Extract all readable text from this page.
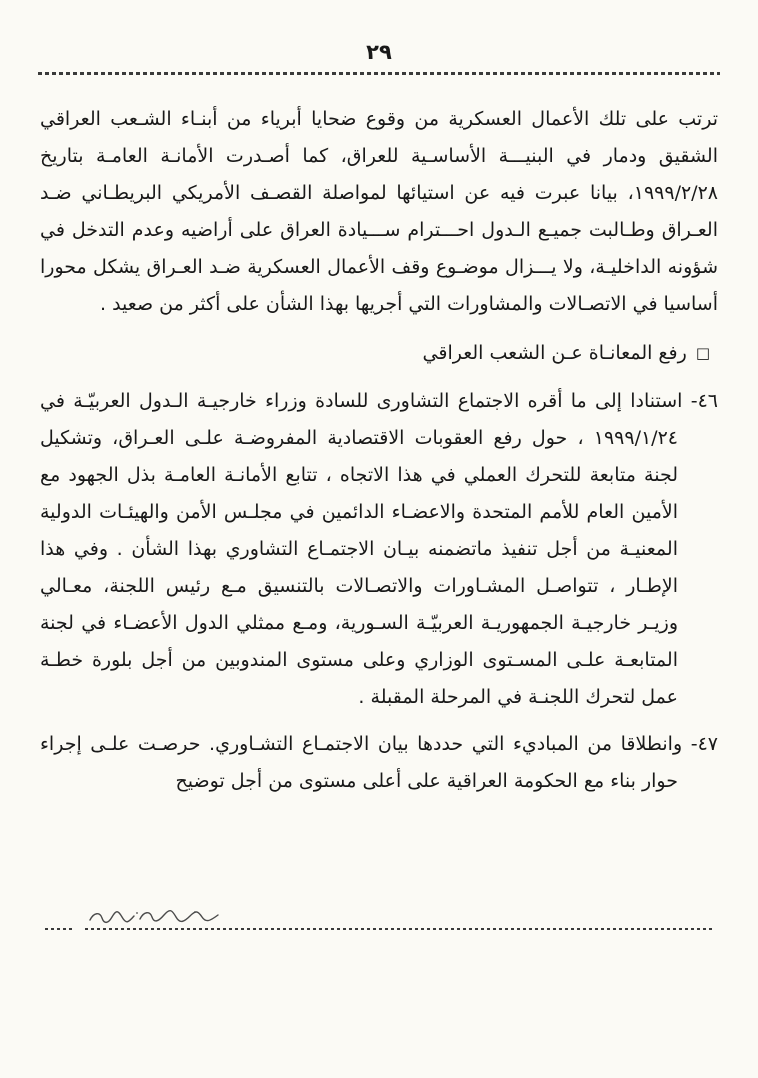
٢٩

ترتب على تلك الأعمال العسكرية من وقوع ضحايا أبرياء من أبنـاء الشـعب العراقي الشقيق ودمار في البنيـــة الأساسـية للعراق، كما أصـدرت الأمانـة العامـة بتاريخ ١٩٩٩/٢/٢٨، بيانا عبرت فيه عن استيائها لمواصلة القصـف الأمريكي البريطـاني ضـد العـراق وطـالبت جميـع الـدول احـــترام ســـيادة العراق على أراضيه وعدم التدخل في شؤونه الداخليـة، ولا يـــزال موضـوع وقف الأعمال العسكرية ضـد العـراق يشكل محورا أساسيا في الاتصـالات والمشاورات التي أجريها بهذا الشأن على أكثر من صعيد .

□رفع المعانـاة عـن الشعب العراقي

٤٦- استنادا إلى ما أقره الاجتماع التشاورى للسادة وزراء خارجيـة الـدول العربيّـة في ١٩٩٩/١/٢٤ ، حول رفع العقوبات الاقتصادية المفروضـة علـى العـراق، وتشكيل لجنة متابعة للتحرك العملي في هذا الاتجاه ، تتابع الأمانـة العامـة بذل الجهود مع الأمين العام للأمم المتحدة والاعضـاء الدائمين في مجلـس الأمن والهيئـات الدولية المعنيـة من أجل تنفيذ ماتضمنه بيـان الاجتمـاع التشاوري بهذا الشأن . وفي هذا الإطـار ، تتواصـل المشـاورات والاتصـالات بالتنسيق مـع رئيس اللجنة، معـالي وزيـر خارجيـة الجمهوريـة العربيّـة السـورية، ومـع ممثلي الدول الأعضـاء في لجنة المتابعـة علـى المسـتوى الوزاري وعلى مستوى المندوبين من أجل بلورة خطـة عمل لتحرك اللجنـة في المرحلة المقبلة .

٤٧- وانطلاقا من المباديء التي حددها بيان الاجتمـاع التشـاوري. حرصـت علـى إجراء حوار بناء مع الحكومة العراقية على أعلى مستوى من أجل توضيح
